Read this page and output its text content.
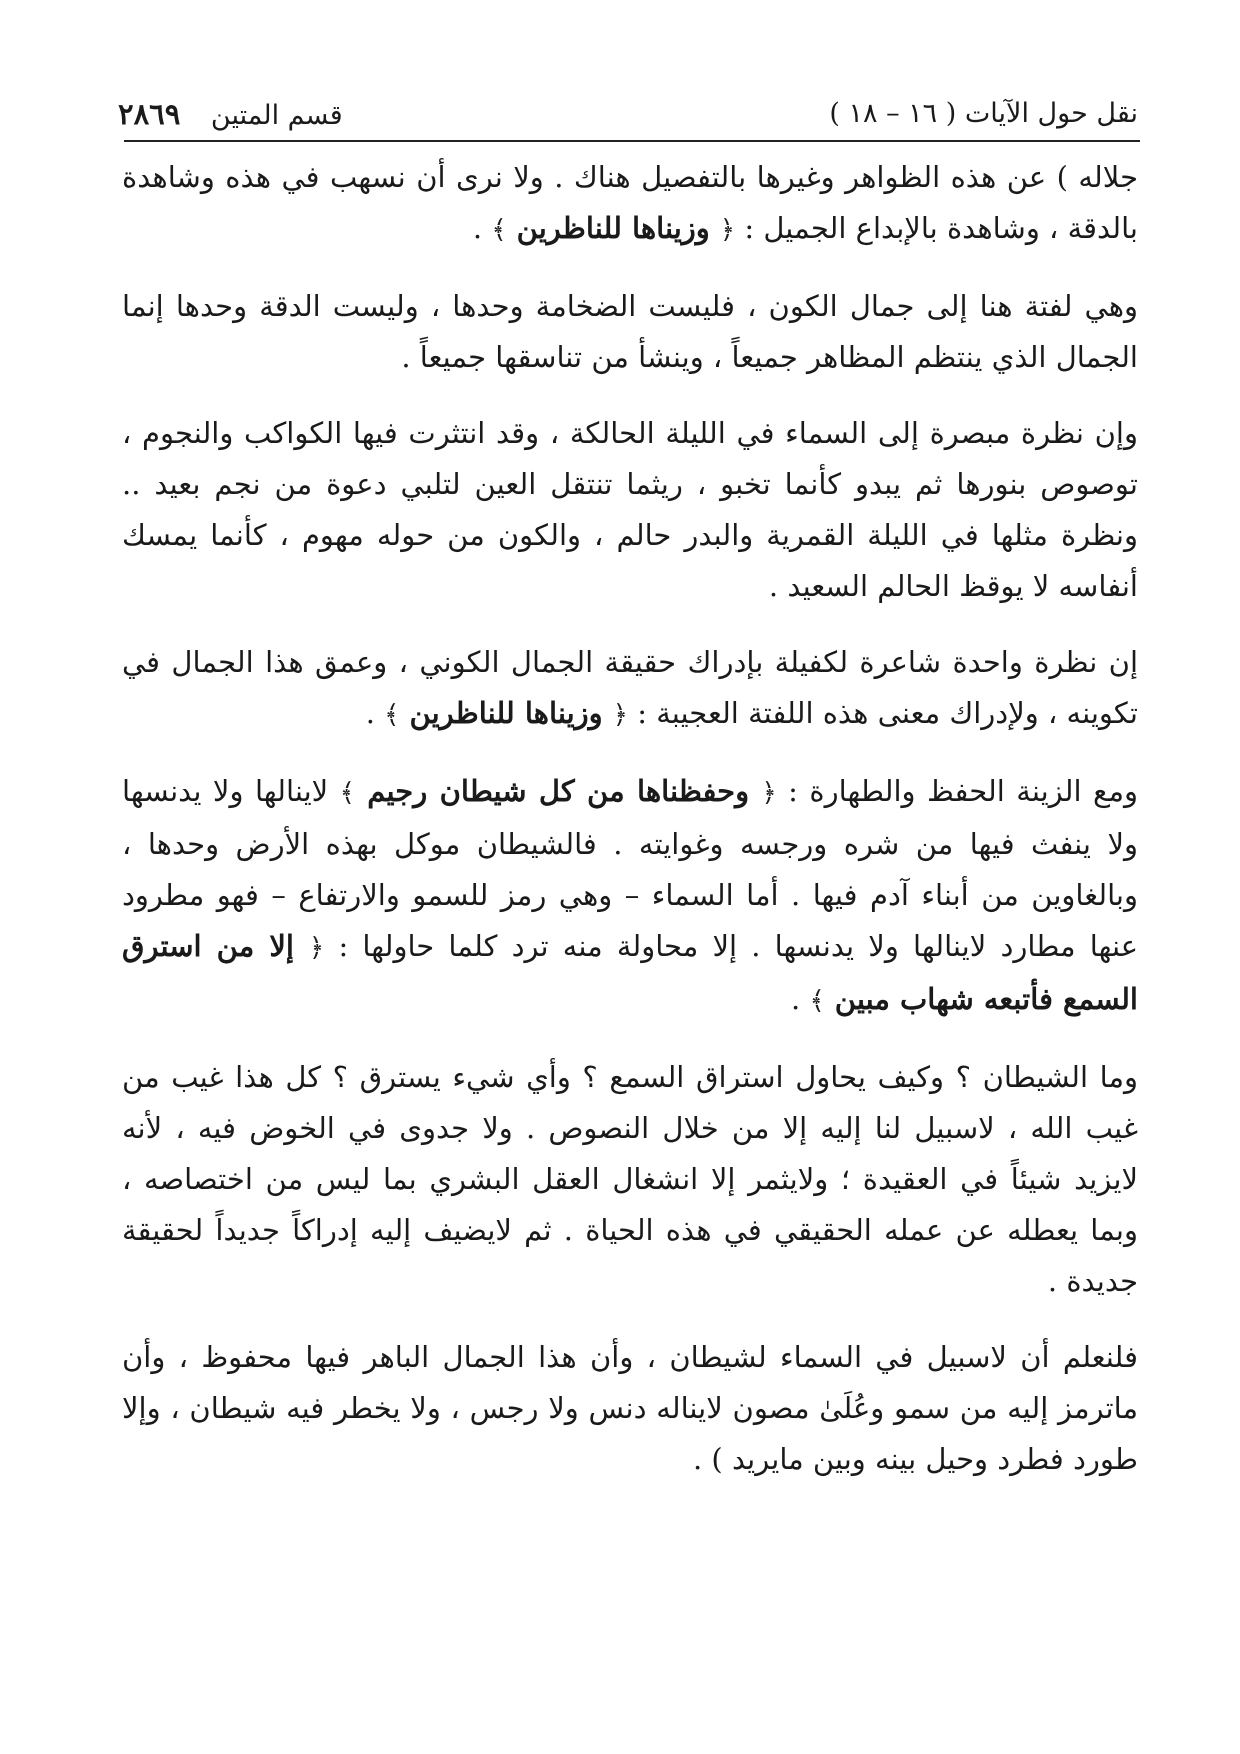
نقل حول الآيات ( ١٦ – ١٨ )
قسم المتين ٢٨٦٩

جلاله ) عن هذه الظواهر وغيرها بالتفصيل هناك . ولا نرى أن نسهب في هذه وشاهدة بالدقة ، وشاهدة بالإبداع الجميل : ﴿ وزيناها للناظرين ﴾ .

وهي لفتة هنا إلى جمال الكون ، فليست الضخامة وحدها ، وليست الدقة وحدها إنما الجمال الذي ينتظم المظاهر جميعاً ، وينشأ من تناسقها جميعاً .

وإن نظرة مبصرة إلى السماء في الليلة الحالكة ، وقد انتثرت فيها الكواكب والنجوم ، توصوص بنورها ثم يبدو كأنما تخبو ، ريثما تنتقل العين لتلبي دعوة من نجم بعيد .. ونظرة مثلها في الليلة القمرية والبدر حالم ، والكون من حوله مهوم ، كأنما يمسك أنفاسه لا يوقظ الحالم السعيد .

إن نظرة واحدة شاعرة لكفيلة بإدراك حقيقة الجمال الكوني ، وعمق هذا الجمال في تكوينه ، ولإدراك معنى هذه اللفتة العجيبة : ﴿ وزيناها للناظرين ﴾ .

ومع الزينة الحفظ والطهارة : ﴿ وحفظناها من كل شيطان رجيم ﴾ لاينالها ولا يدنسها ولا ينفث فيها من شره ورجسه وغوايته . فالشيطان موكل بهذه الأرض وحدها ، وبالغاوين من أبناء آدم فيها . أما السماء – وهي رمز للسمو والارتفاع – فهو مطرود عنها مطارد لاينالها ولا يدنسها . إلا محاولة منه ترد كلما حاولها : ﴿ إلا من استرق السمع فأتبعه شهاب مبين ﴾ .

وما الشيطان ؟ وكيف يحاول استراق السمع ؟ وأي شيء يسترق ؟ كل هذا غيب من غيب الله ، لاسبيل لنا إليه إلا من خلال النصوص . ولا جدوى في الخوض فيه ، لأنه لايزيد شيئاً في العقيدة ؛ ولايثمر إلا انشغال العقل البشري بما ليس من اختصاصه ، وبما يعطله عن عمله الحقيقي في هذه الحياة . ثم لايضيف إليه إدراكاً جديداً لحقيقة جديدة .

فلنعلم أن لاسبيل في السماء لشيطان ، وأن هذا الجمال الباهر فيها محفوظ ، وأن ماترمز إليه من سمو وعُلَىٰ مصون لايناله دنس ولا رجس ، ولا يخطر فيه شيطان ، وإلا طورد فطرد وحيل بينه وبين مايريد ) .
